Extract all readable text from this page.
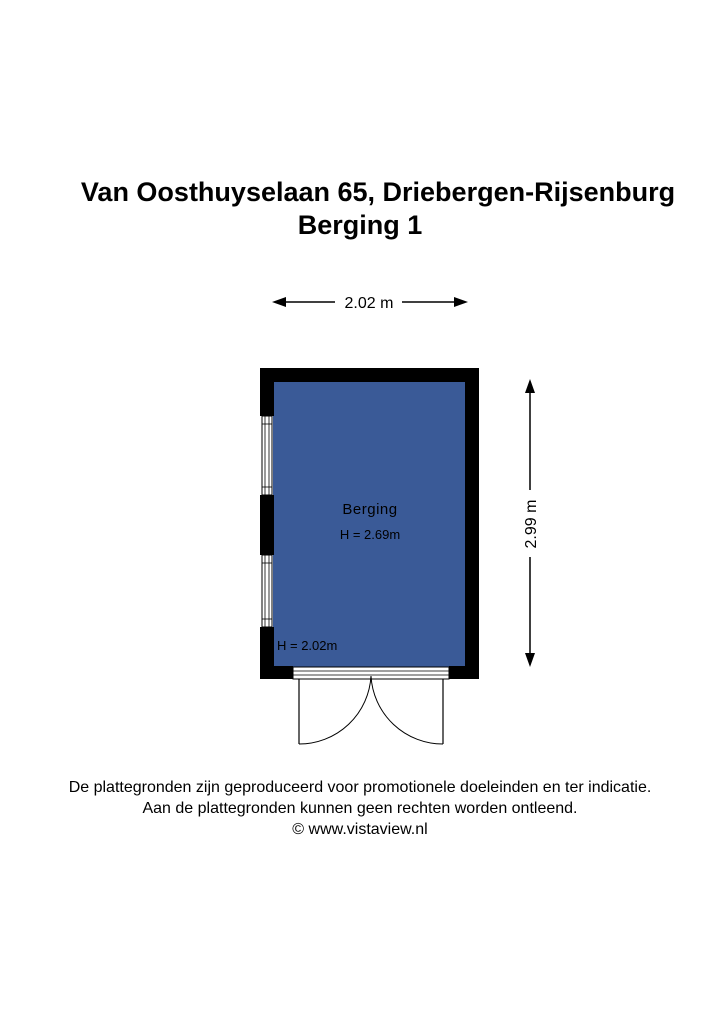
Van Oosthuyselaan 65, Driebergen-Rijsenburg
Berging 1
2.02 m
2.99 m
Berging
H = 2.69m
H = 2.02m

De plattegronden zijn geproduceerd voor promotionele doeleinden en ter indicatie.

Aan de plattegronden kunnen geen rechten worden ontleend.

© www.vistaview.nl
